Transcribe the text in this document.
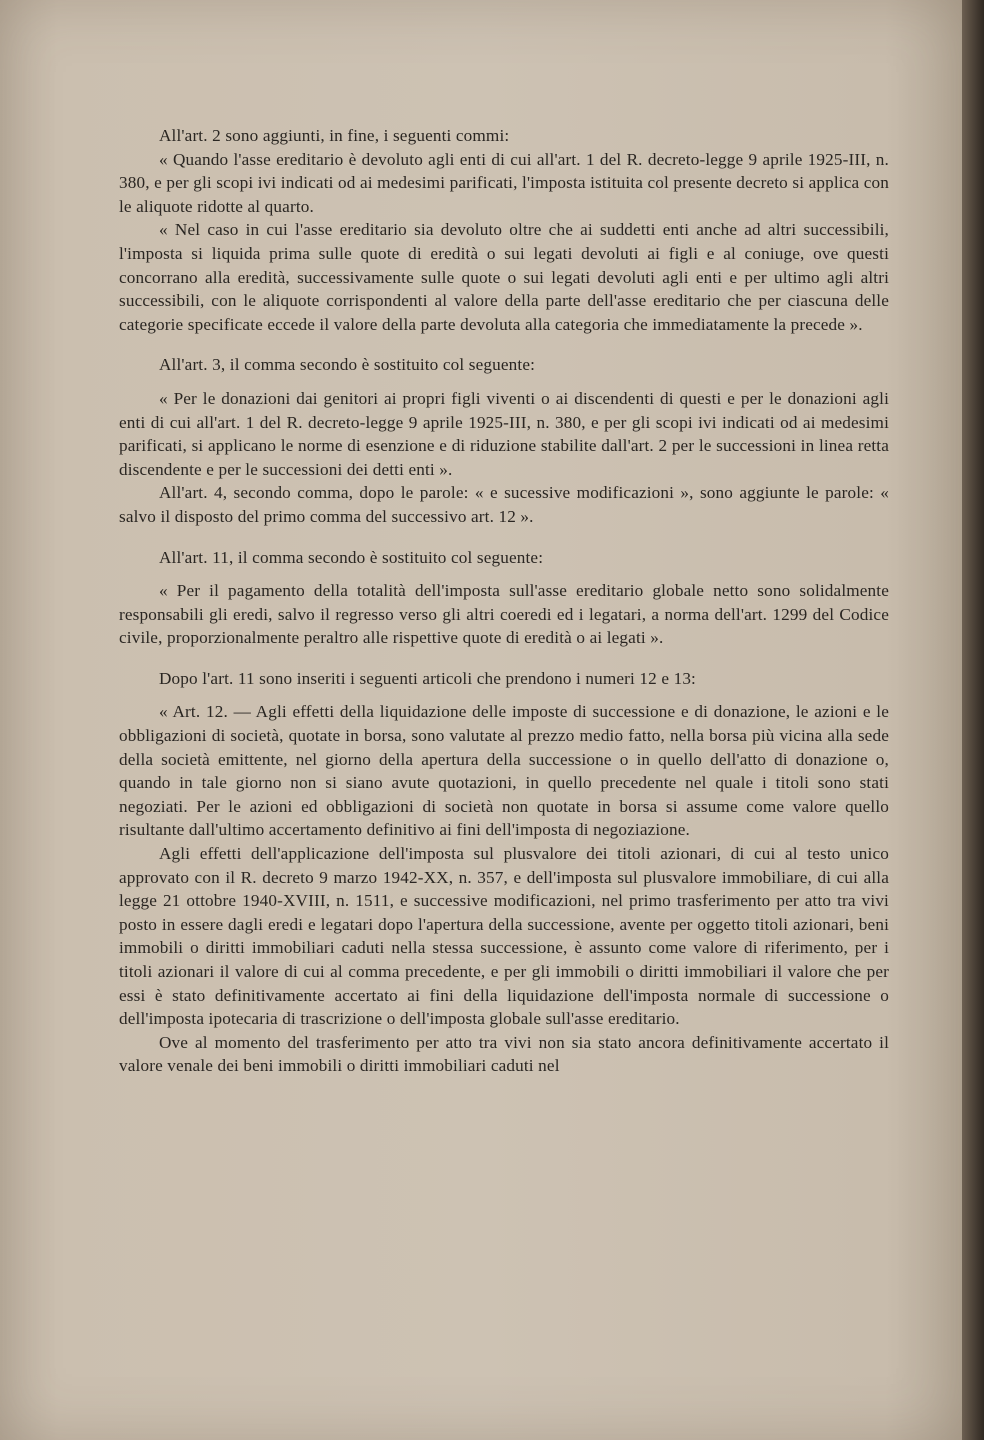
All'art. 2 sono aggiunti, in fine, i seguenti commi:

« Quando l'asse ereditario è devoluto agli enti di cui all'art. 1 del R. decreto-legge 9 aprile 1925-III, n. 380, e per gli scopi ivi indicati od ai medesimi parificati, l'imposta istituita col presente decreto si applica con le aliquote ridotte al quarto.

« Nel caso in cui l'asse ereditario sia devoluto oltre che ai suddetti enti anche ad altri successibili, l'imposta si liquida prima sulle quote di eredità o sui legati devoluti ai figli e al coniuge, ove questi concorrano alla eredità, successivamente sulle quote o sui legati devoluti agli enti e per ultimo agli altri successibili, con le aliquote corrispondenti al valore della parte dell'asse ereditario che per ciascuna delle categorie specificate eccede il valore della parte devoluta alla categoria che immediatamente la precede ».

All'art. 3, il comma secondo è sostituito col seguente:

« Per le donazioni dai genitori ai propri figli viventi o ai discendenti di questi e per le donazioni agli enti di cui all'art. 1 del R. decreto-legge 9 aprile 1925-III, n. 380, e per gli scopi ivi indicati od ai medesimi parificati, si applicano le norme di esenzione e di riduzione stabilite dall'art. 2 per le successioni in linea retta discendente e per le successioni dei detti enti ».

All'art. 4, secondo comma, dopo le parole: « e sucessive modificazioni », sono aggiunte le parole: « salvo il disposto del primo comma del successivo art. 12 ».

All'art. 11, il comma secondo è sostituito col seguente:

« Per il pagamento della totalità dell'imposta sull'asse ereditario globale netto sono solidalmente responsabili gli eredi, salvo il regresso verso gli altri coeredi ed i legatari, a norma dell'art. 1299 del Codice civile, proporzionalmente peraltro alle rispettive quote di eredità o ai legati ».

Dopo l'art. 11 sono inseriti i seguenti articoli che prendono i numeri 12 e 13:

« Art. 12. — Agli effetti della liquidazione delle imposte di successione e di donazione, le azioni e le obbligazioni di società, quotate in borsa, sono valutate al prezzo medio fatto, nella borsa più vicina alla sede della società emittente, nel giorno della apertura della successione o in quello dell'atto di donazione o, quando in tale giorno non si siano avute quotazioni, in quello precedente nel quale i titoli sono stati negoziati. Per le azioni ed obbligazioni di società non quotate in borsa si assume come valore quello risultante dall'ultimo accertamento definitivo ai fini dell'imposta di negoziazione.

Agli effetti dell'applicazione dell'imposta sul plusvalore dei titoli azionari, di cui al testo unico approvato con il R. decreto 9 marzo 1942-XX, n. 357, e dell'imposta sul plusvalore immobiliare, di cui alla legge 21 ottobre 1940-XVIII, n. 1511, e successive modificazioni, nel primo trasferimento per atto tra vivi posto in essere dagli eredi e legatari dopo l'apertura della successione, avente per oggetto titoli azionari, beni immobili o diritti immobiliari caduti nella stessa successione, è assunto come valore di riferimento, per i titoli azionari il valore di cui al comma precedente, e per gli immobili o diritti immobiliari il valore che per essi è stato definitivamente accertato ai fini della liquidazione dell'imposta normale di successione o dell'imposta ipotecaria di trascrizione o dell'imposta globale sull'asse ereditario.

Ove al momento del trasferimento per atto tra vivi non sia stato ancora definitivamente accertato il valore venale dei beni immobili o diritti immobiliari caduti nel
